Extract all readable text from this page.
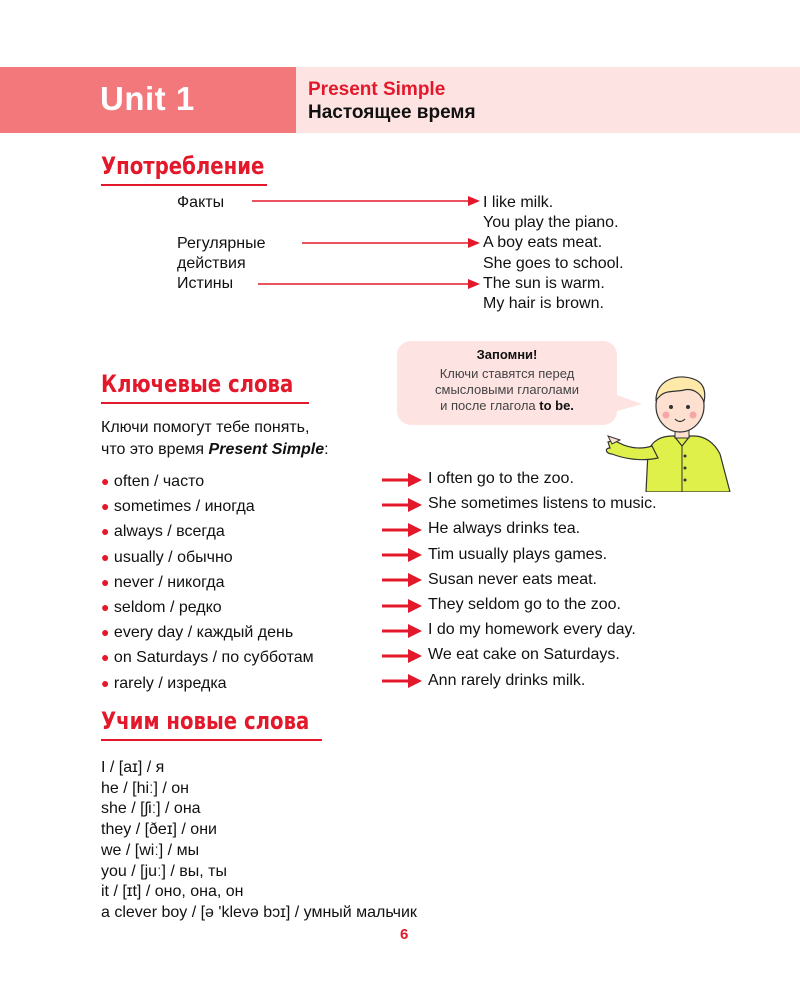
Unit 1	Present Simple
Настоящее время
Употребление
Факты
Регулярные
действия
Истины
I like milk.
You play the piano.
A boy eats meat.
She goes to school.
The sun is warm.
My hair is brown.
Запомни!
Ключи ставятся перед
смысловыми глаголами
и после глагола to be.
Ключевые слова
Ключи помогут тебе понять,
что это время Present Simple:
● often / часто
● sometimes / иногда
● always / всегда
● usually / обычно
● never / никогда
● seldom / редко
● every day / каждый день
● on Saturdays / по субботам
● rarely / изредка
I often go to the zoo.
She sometimes listens to music.
He always drinks tea.
Tim usually plays games.
Susan never eats meat.
They seldom go to the zoo.
I do my homework every day.
We eat cake on Saturdays.
Ann rarely drinks milk.
Учим новые слова
I / [aɪ] / я
he / [hiː] / он
she / [ʃiː] / она
they / [ðeɪ] / они
we / [wiː] / мы
you / [juː] / вы, ты
it / [ɪt] / оно, она, он
a clever boy / [ə 'klevə bɔɪ] / умный мальчик
6
